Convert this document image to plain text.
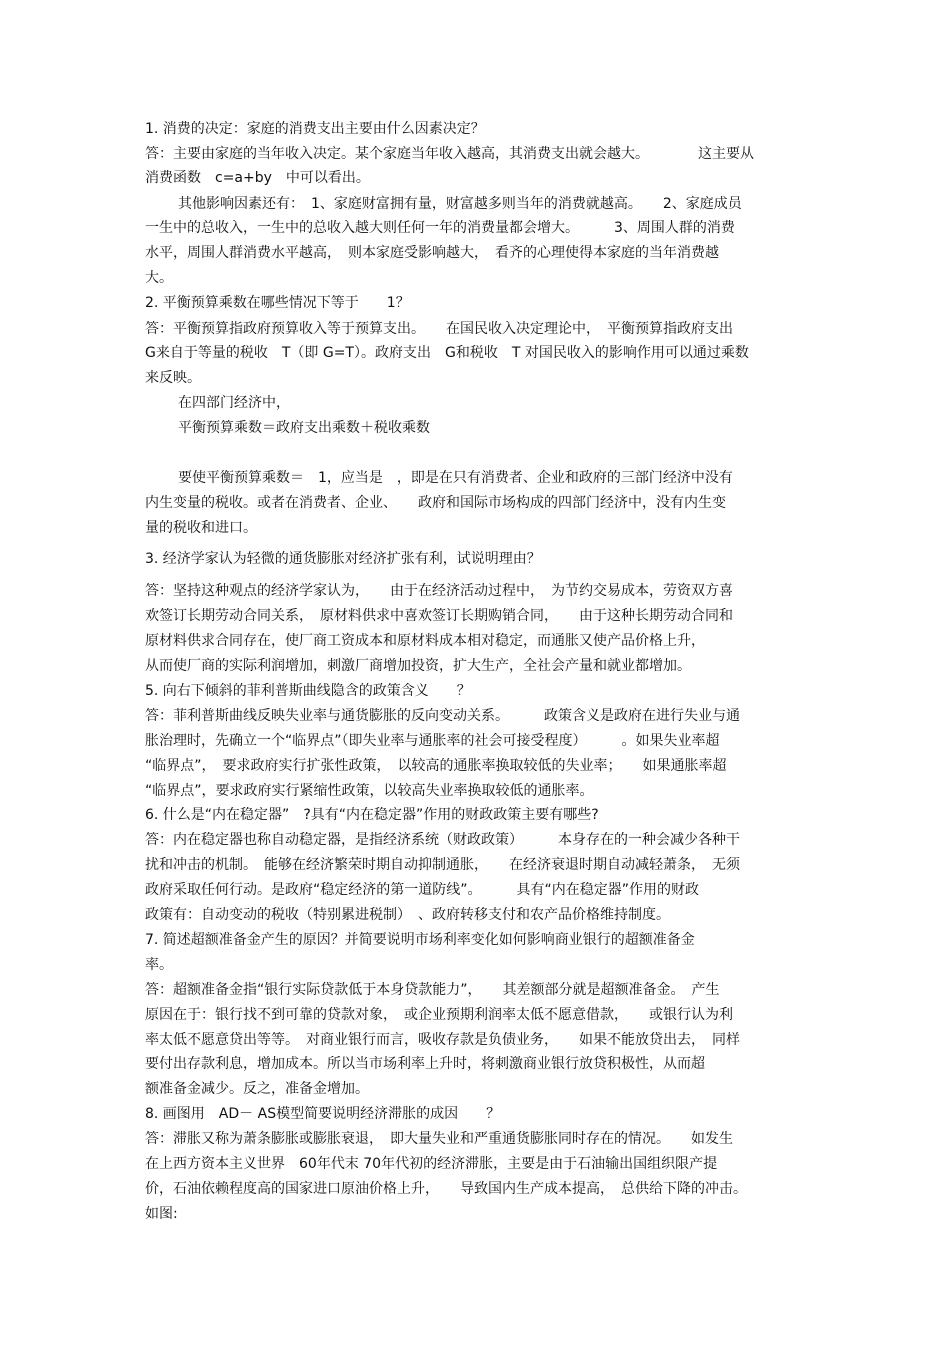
1. 消费的决定：家庭的消费支出主要由什么因素决定？
答：主要由家庭的当年收入决定。某个家庭当年收入越高，其消费支出就会越大。　　　　这主要从
消费函数　c=a+by　中可以看出。
其他影响因素还有：　1、家庭财富拥有量，财富越多则当年的消费就越高。　　2、家庭成员
一生中的总收入，一生中的总收入越大则任何一年的消费量都会增大。　　　3、周围人群的消费
水平，周围人群消费水平越高，　则本家庭受影响越大，　看齐的心理使得本家庭的当年消费越
大。
2. 平衡预算乘数在哪些情况下等于　　1？
答：平衡预算指政府预算收入等于预算支出。　　在国民收入决定理论中，　平衡预算指政府支出
G来自于等量的税收　T（即 G=T）。政府支出　G和税收　T 对国民收入的影响作用可以通过乘数
来反映。
在四部门经济中，
平衡预算乘数＝政府支出乘数＋税收乘数
要使平衡预算乘数＝　1，应当是　，即是在只有消费者、企业和政府的三部门经济中没有
内生变量的税收。或者在消费者、企业、　　政府和国际市场构成的四部门经济中，没有内生变
量的税收和进口。
3. 经济学家认为轻微的通货膨胀对经济扩张有利，试说明理由？
答：坚持这种观点的经济学家认为，　　由于在经济活动过程中，　为节约交易成本，劳资双方喜
欢签订长期劳动合同关系，　原材料供求中喜欢签订长期购销合同，　　由于这种长期劳动合同和
原材料供求合同存在，使厂商工资成本和原材料成本相对稳定，而通胀又使产品价格上升，
从而使厂商的实际利润增加，刺激厂商增加投资，扩大生产，全社会产量和就业都增加。
5. 向右下倾斜的菲利普斯曲线隐含的政策含义　　？
答：菲利普斯曲线反映失业率与通货膨胀的反向变动关系。　　　政策含义是政府在进行失业与通
胀治理时，先确立一个“临界点”（即失业率与通胀率的社会可接受程度）　　　。如果失业率超
“临界点”，　要求政府实行扩张性政策，　以较高的通胀率换取较低的失业率；　　如果通胀率超
“临界点”，要求政府实行紧缩性政策，以较高失业率换取较低的通胀率。
6. 什么是“内在稳定器”　?具有“内在稳定器”作用的财政政策主要有哪些?
答：内在稳定器也称自动稳定器，是指经济系统（财政政策）　　　本身存在的一种会减少各种干
扰和冲击的机制。　能够在经济繁荣时期自动抑制通胀，　　在经济衰退时期自动减轻萧条，　无须
政府采取任何行动。是政府“稳定经济的第一道防线”。　　　具有“内在稳定器”作用的财政
政策有：自动变动的税收（特别累进税制）　、政府转移支付和农产品价格维持制度。
7. 简述超额准备金产生的原因？并简要说明市场利率变化如何影响商业银行的超额准备金
率。
答：超额准备金指“银行实际贷款低于本身贷款能力”，　　其差额部分就是超额准备金。　产生
原因在于：银行找不到可靠的贷款对象，　或企业预期利润率太低不愿意借款，　　或银行认为利
率太低不愿意贷出等等。　对商业银行而言，吸收存款是负债业务，　　如果不能放贷出去，　同样
要付出存款利息，增加成本。所以当市场利率上升时，将刺激商业银行放贷积极性，从而超
额准备金减少。反之，准备金增加。
8. 画图用　AD－ AS模型简要说明经济滞胀的成因　　？
答：滞胀又称为萧条膨胀或膨胀衰退，　即大量失业和严重通货膨胀同时存在的情况。　　如发生
在上西方资本主义世界　60年代末 70年代初的经济滞胀，主要是由于石油输出国组织限产提
价，石油依赖程度高的国家进口原油价格上升，　　导致国内生产成本提高，　总供给下降的冲击。
如图:
